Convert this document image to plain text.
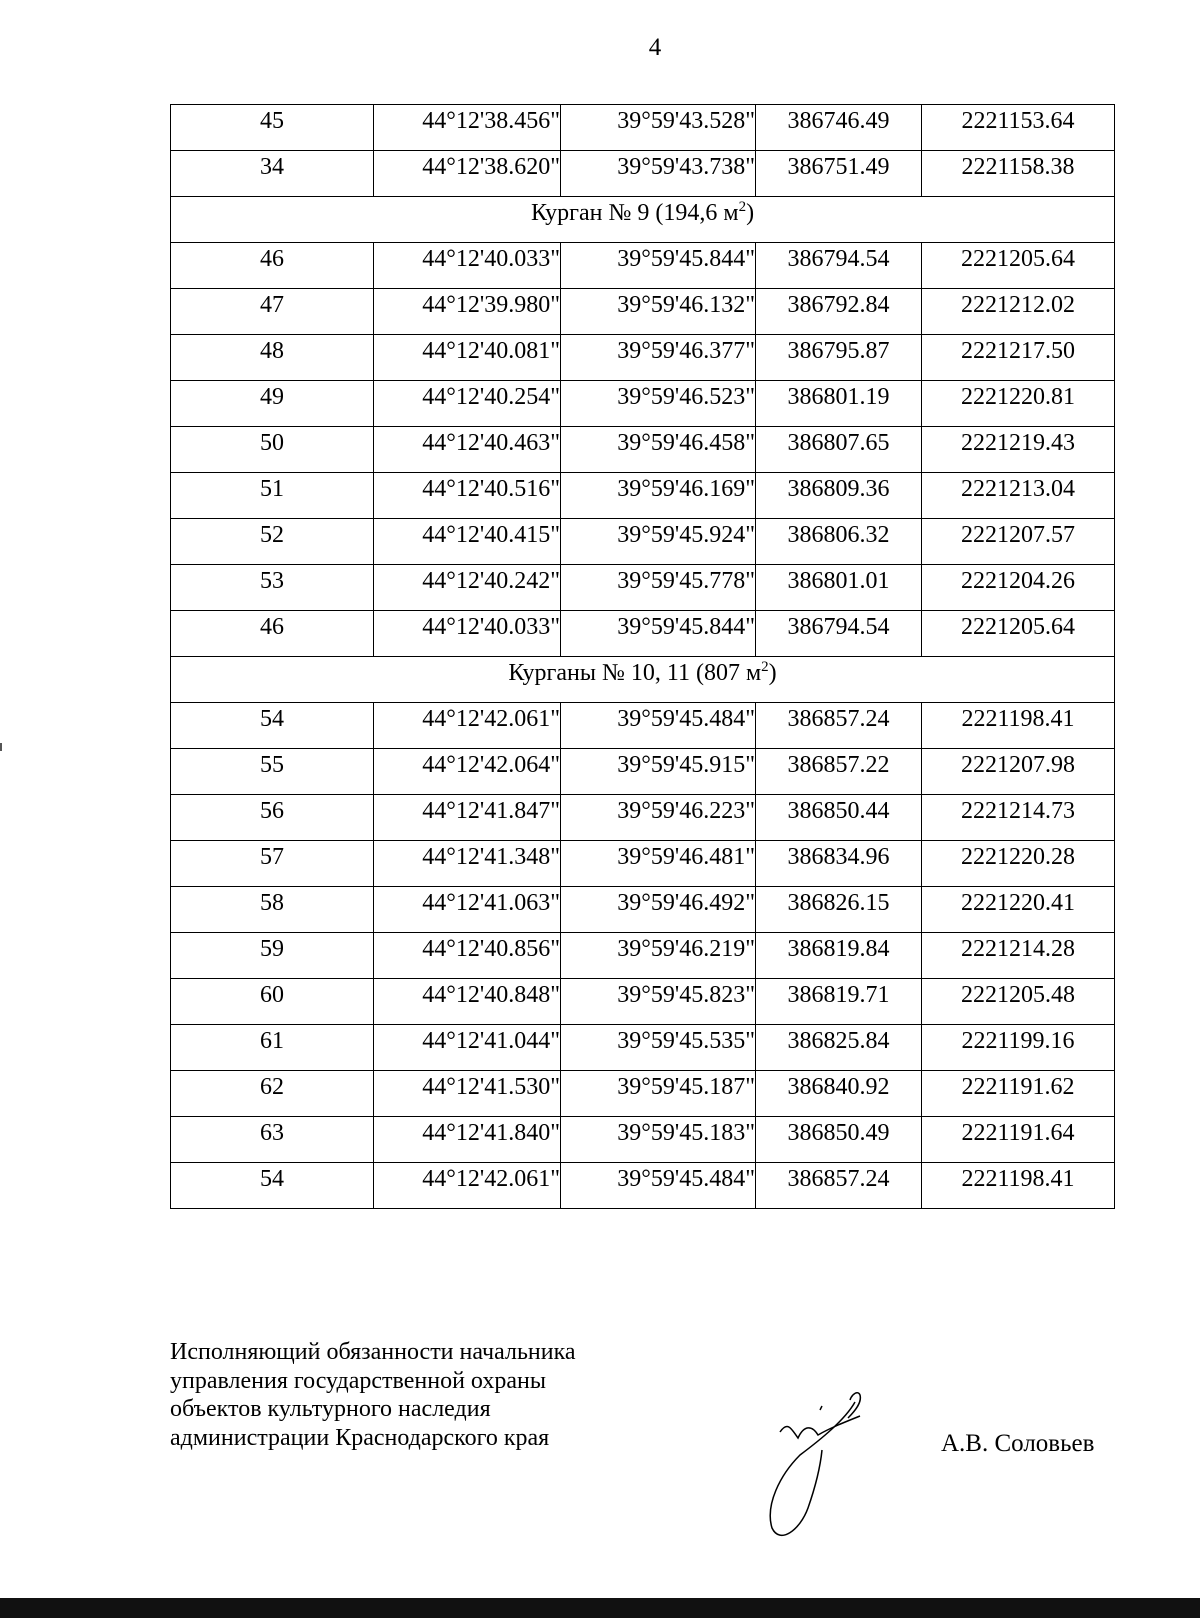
4
45	44°12'38.456"	39°59'43.528"	386746.49	2221153.64
34	44°12'38.620"	39°59'43.738"	386751.49	2221158.38
Курган № 9 (194,6 $м^2$)				
46	44°12'40.033"	39°59'45.844"	386794.54	2221205.64
47	44°12'39.980"	39°59'46.132"	386792.84	2221212.02
48	44°12'40.081"	39°59'46.377"	386795.87	2221217.50
49	44°12'40.254"	39°59'46.523"	386801.19	2221220.81
50	44°12'40.463"	39°59'46.458"	386807.65	2221219.43
51	44°12'40.516"	39°59'46.169"	386809.36	2221213.04
52	44°12'40.415"	39°59'45.924"	386806.32	2221207.57
53	44°12'40.242"	39°59'45.778"	386801.01	2221204.26
46	44°12'40.033"	39°59'45.844"	386794.54	2221205.64
Курганы № 10, 11 (807 $м^2$)				
54	44°12'42.061"	39°59'45.484"	386857.24	2221198.41
55	44°12'42.064"	39°59'45.915"	386857.22	2221207.98
56	44°12'41.847"	39°59'46.223"	386850.44	2221214.73
57	44°12'41.348"	39°59'46.481"	386834.96	2221220.28
58	44°12'41.063"	39°59'46.492"	386826.15	2221220.41
59	44°12'40.856"	39°59'46.219"	386819.84	2221214.28
60	44°12'40.848"	39°59'45.823"	386819.71	2221205.48
61	44°12'41.044"	39°59'45.535"	386825.84	2221199.16
62	44°12'41.530"	39°59'45.187"	386840.92	2221191.62
63	44°12'41.840"	39°59'45.183"	386850.49	2221191.64
54	44°12'42.061"	39°59'45.484"	386857.24	2221198.41
Исполняющий обязанности начальника
управления государственной охраны
объектов культурного наследия
администрации Краснодарского края	А.В. Соловьев
